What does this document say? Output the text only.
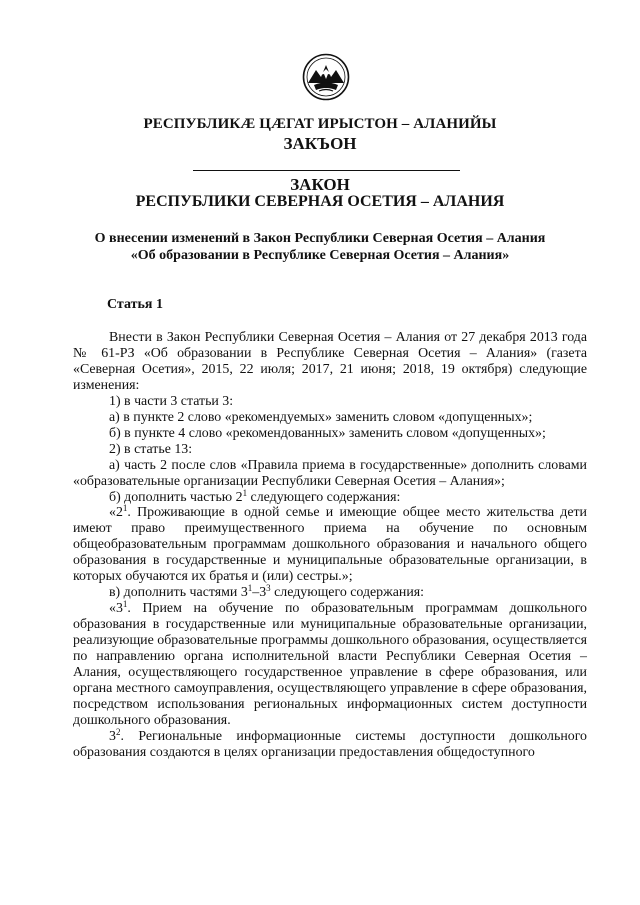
РЕСПУБЛИКÆ ЦÆГАТ ИРЫСТОН – АЛАНИЙЫ
ЗАКЪОН
ЗАКОН
РЕСПУБЛИКИ СЕВЕРНАЯ ОСЕТИЯ – АЛАНИЯ
О внесении изменений в Закон Республики Северная Осетия – Алания
«Об образовании в Республике Северная Осетия – Алания»
Статья 1

Внести в Закон Республики Северная Осетия – Алания от 27 декабря 2013 года № 61-РЗ «Об образовании в Республике Северная Осетия – Алания» (газета «Северная Осетия», 2015, 22 июля; 2017, 21 июня; 2018, 19 октября) следующие изменения:

1) в части 3 статьи 3:

а) в пункте 2 слово «рекомендуемых» заменить словом «допущенных»;

б) в пункте 4 слово «рекомендованных» заменить словом «допущенных»;

2) в статье 13:

а) часть 2 после слов «Правила приема в государственные» дополнить словами «образовательные организации Республики Северная Осетия – Алания»;

б) дополнить частью $2^1$ следующего содержания:

«$2^1$. Проживающие в одной семье и имеющие общее место жительства дети имеют право преимущественного приема на обучение по основным общеобразовательным программам дошкольного образования и начального общего образования в государственные и муниципальные образовательные организации, в которых обучаются их братья и (или) сестры.»;

в) дополнить частями $3^1-3^3$ следующего содержания:

«$3^1$. Прием на обучение по образовательным программам дошкольного образования в государственные или муниципальные образовательные организации, реализующие образовательные программы дошкольного образования, осуществляется по направлению органа исполнительной власти Республики Северная Осетия – Алания, осуществляющего государственное управление в сфере образования, или органа местного самоуправления, осуществляющего управление в сфере образования, посредством использования региональных информационных систем доступности дошкольного образования.

$3^2$. Региональные информационные системы доступности дошкольного образования создаются в целях организации предоставления общедоступного
